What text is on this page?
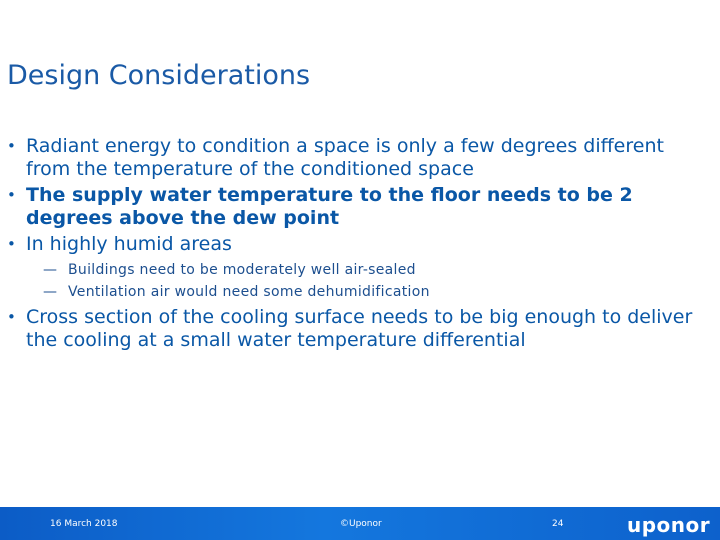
Design Considerations
• Radiant energy to condition a space is only a few degrees different from the temperature of the conditioned space
• The supply water temperature to the floor needs to be 2 degrees above the dew point
• In highly humid areas
— Buildings need to be moderately well air-sealed
— Ventilation air would need some dehumidification
• Cross section of the cooling surface needs to be big enough to deliver the cooling at a small water temperature differential
16 March 2018	©Uponor	24	uponor
